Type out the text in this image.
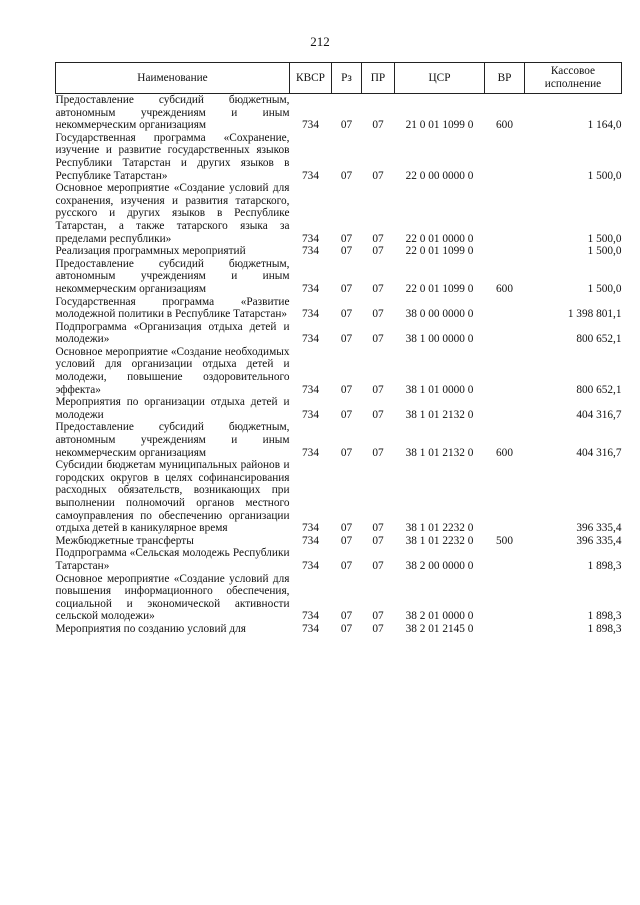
212
Наименование	КВСР	Рз	ПР	ЦСР	ВР	Кассовое исполнение
Предоставление субсидий бюджетным, автономным учреждениям и иным некоммерческим организациям	734	07	07	21 0 01 1099 0	600	1 164,0
Государственная программа «Сохранение, изучение и развитие государственных языков Республики Татарстан и других языков в Республике Татарстан»	734	07	07	22 0 00 0000 0		1 500,0
Основное мероприятие «Создание условий для сохранения, изучения и развития татарского, русского и других языков в Республике Татарстан, а также татарского языка за пределами республики»	734	07	07	22 0 01 0000 0		1 500,0
Реализация программных мероприятий	734	07	07	22 0 01 1099 0		1 500,0
Предоставление субсидий бюджетным, автономным учреждениям и иным некоммерческим организациям	734	07	07	22 0 01 1099 0	600	1 500,0
Государственная программа «Развитие молодежной политики в Республике Татарстан»	734	07	07	38 0 00 0000 0		1 398 801,1
Подпрограмма «Организация отдыха детей и молодежи»	734	07	07	38 1 00 0000 0		800 652,1
Основное мероприятие «Создание необходимых условий для организации отдыха детей и молодежи, повышение оздоровительного эффекта»	734	07	07	38 1 01 0000 0		800 652,1
Мероприятия по организации отдыха детей и молодежи	734	07	07	38 1 01 2132 0		404 316,7
Предоставление субсидий бюджетным, автономным учреждениям и иным некоммерческим организациям	734	07	07	38 1 01 2132 0	600	404 316,7
Субсидии бюджетам муниципальных районов и городских округов в целях софинансирования расходных обязательств, возникающих при выполнении полномочий органов местного самоуправления по обеспечению организации отдыха детей в каникулярное время	734	07	07	38 1 01 2232 0		396 335,4
Межбюджетные трансферты	734	07	07	38 1 01 2232 0	500	396 335,4
Подпрограмма «Сельская молодежь Республики Татарстан»	734	07	07	38 2 00 0000 0		1 898,3
Основное мероприятие «Создание условий для повышения информационного обеспечения, социальной и экономической активности сельской молодежи»	734	07	07	38 2 01 0000 0		1 898,3
Мероприятия по созданию условий для	734	07	07	38 2 01 2145 0		1 898,3
